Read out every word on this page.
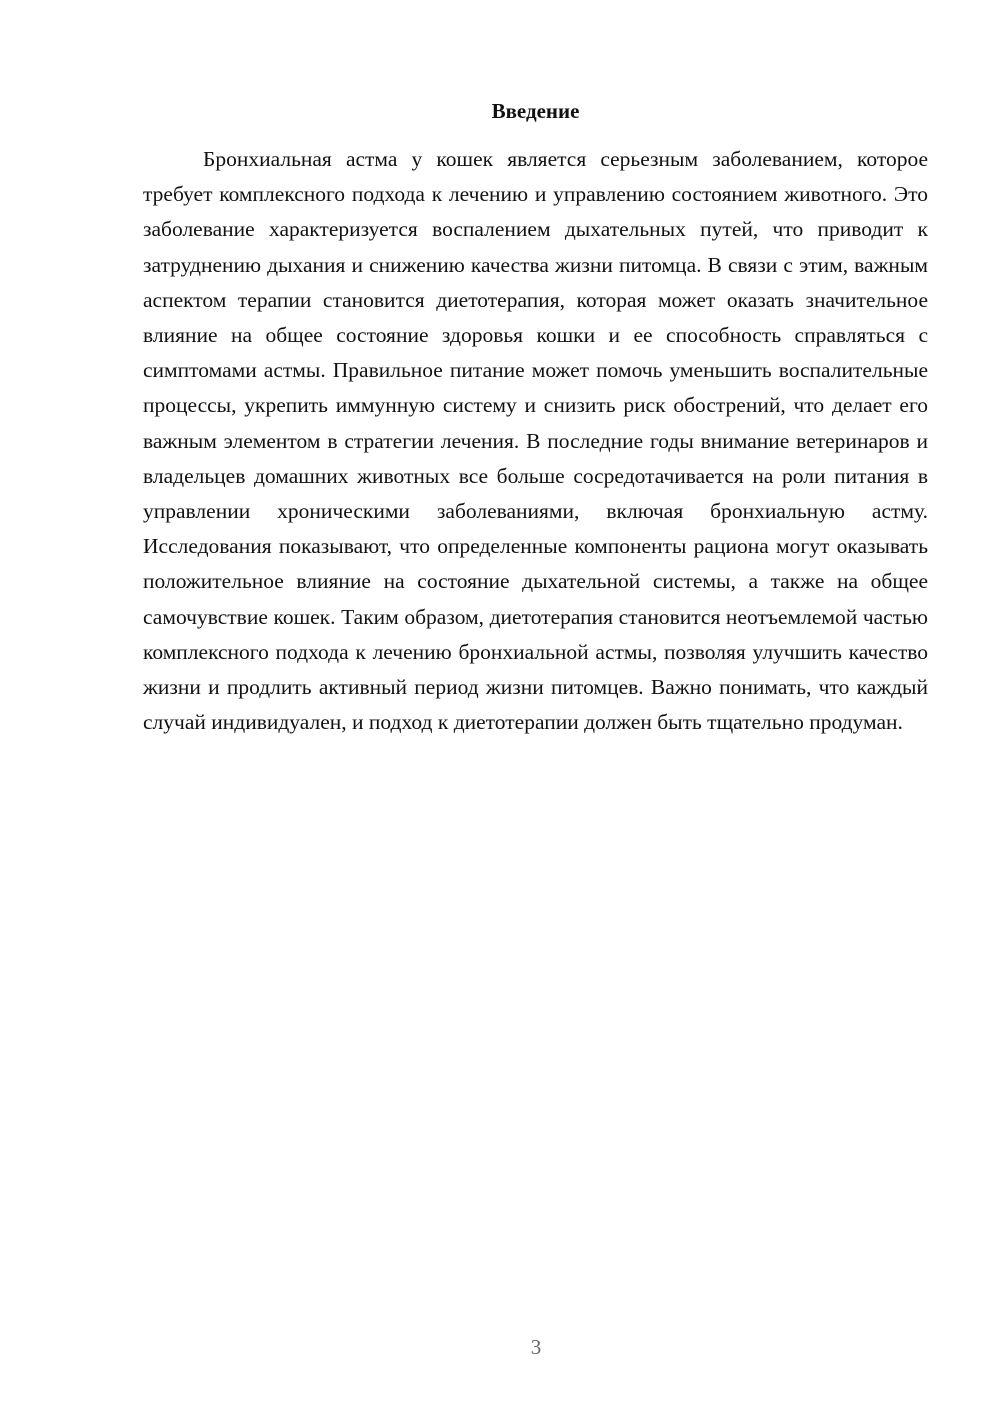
Введение

Бронхиальная астма у кошек является серьезным заболеванием, которое требует комплексного подхода к лечению и управлению состоянием животного. Это заболевание характеризуется воспалением дыхательных путей, что приводит к затруднению дыхания и снижению качества жизни питомца. В связи с этим, важным аспектом терапии становится диетотерапия, которая может оказать значительное влияние на общее состояние здоровья кошки и ее способность справляться с симптомами астмы. Правильное питание может помочь уменьшить воспалительные процессы, укрепить иммунную систему и снизить риск обострений, что делает его важным элементом в стратегии лечения. В последние годы внимание ветеринаров и владельцев домашних животных все больше сосредотачивается на роли питания в управлении хроническими заболеваниями, включая бронхиальную астму. Исследования показывают, что определенные компоненты рациона могут оказывать положительное влияние на состояние дыхательной системы, а также на общее самочувствие кошек. Таким образом, диетотерапия становится неотъемлемой частью комплексного подхода к лечению бронхиальной астмы, позволяя улучшить качество жизни и продлить активный период жизни питомцев. Важно понимать, что каждый случай индивидуален, и подход к диетотерапии должен быть тщательно продуман.

3
